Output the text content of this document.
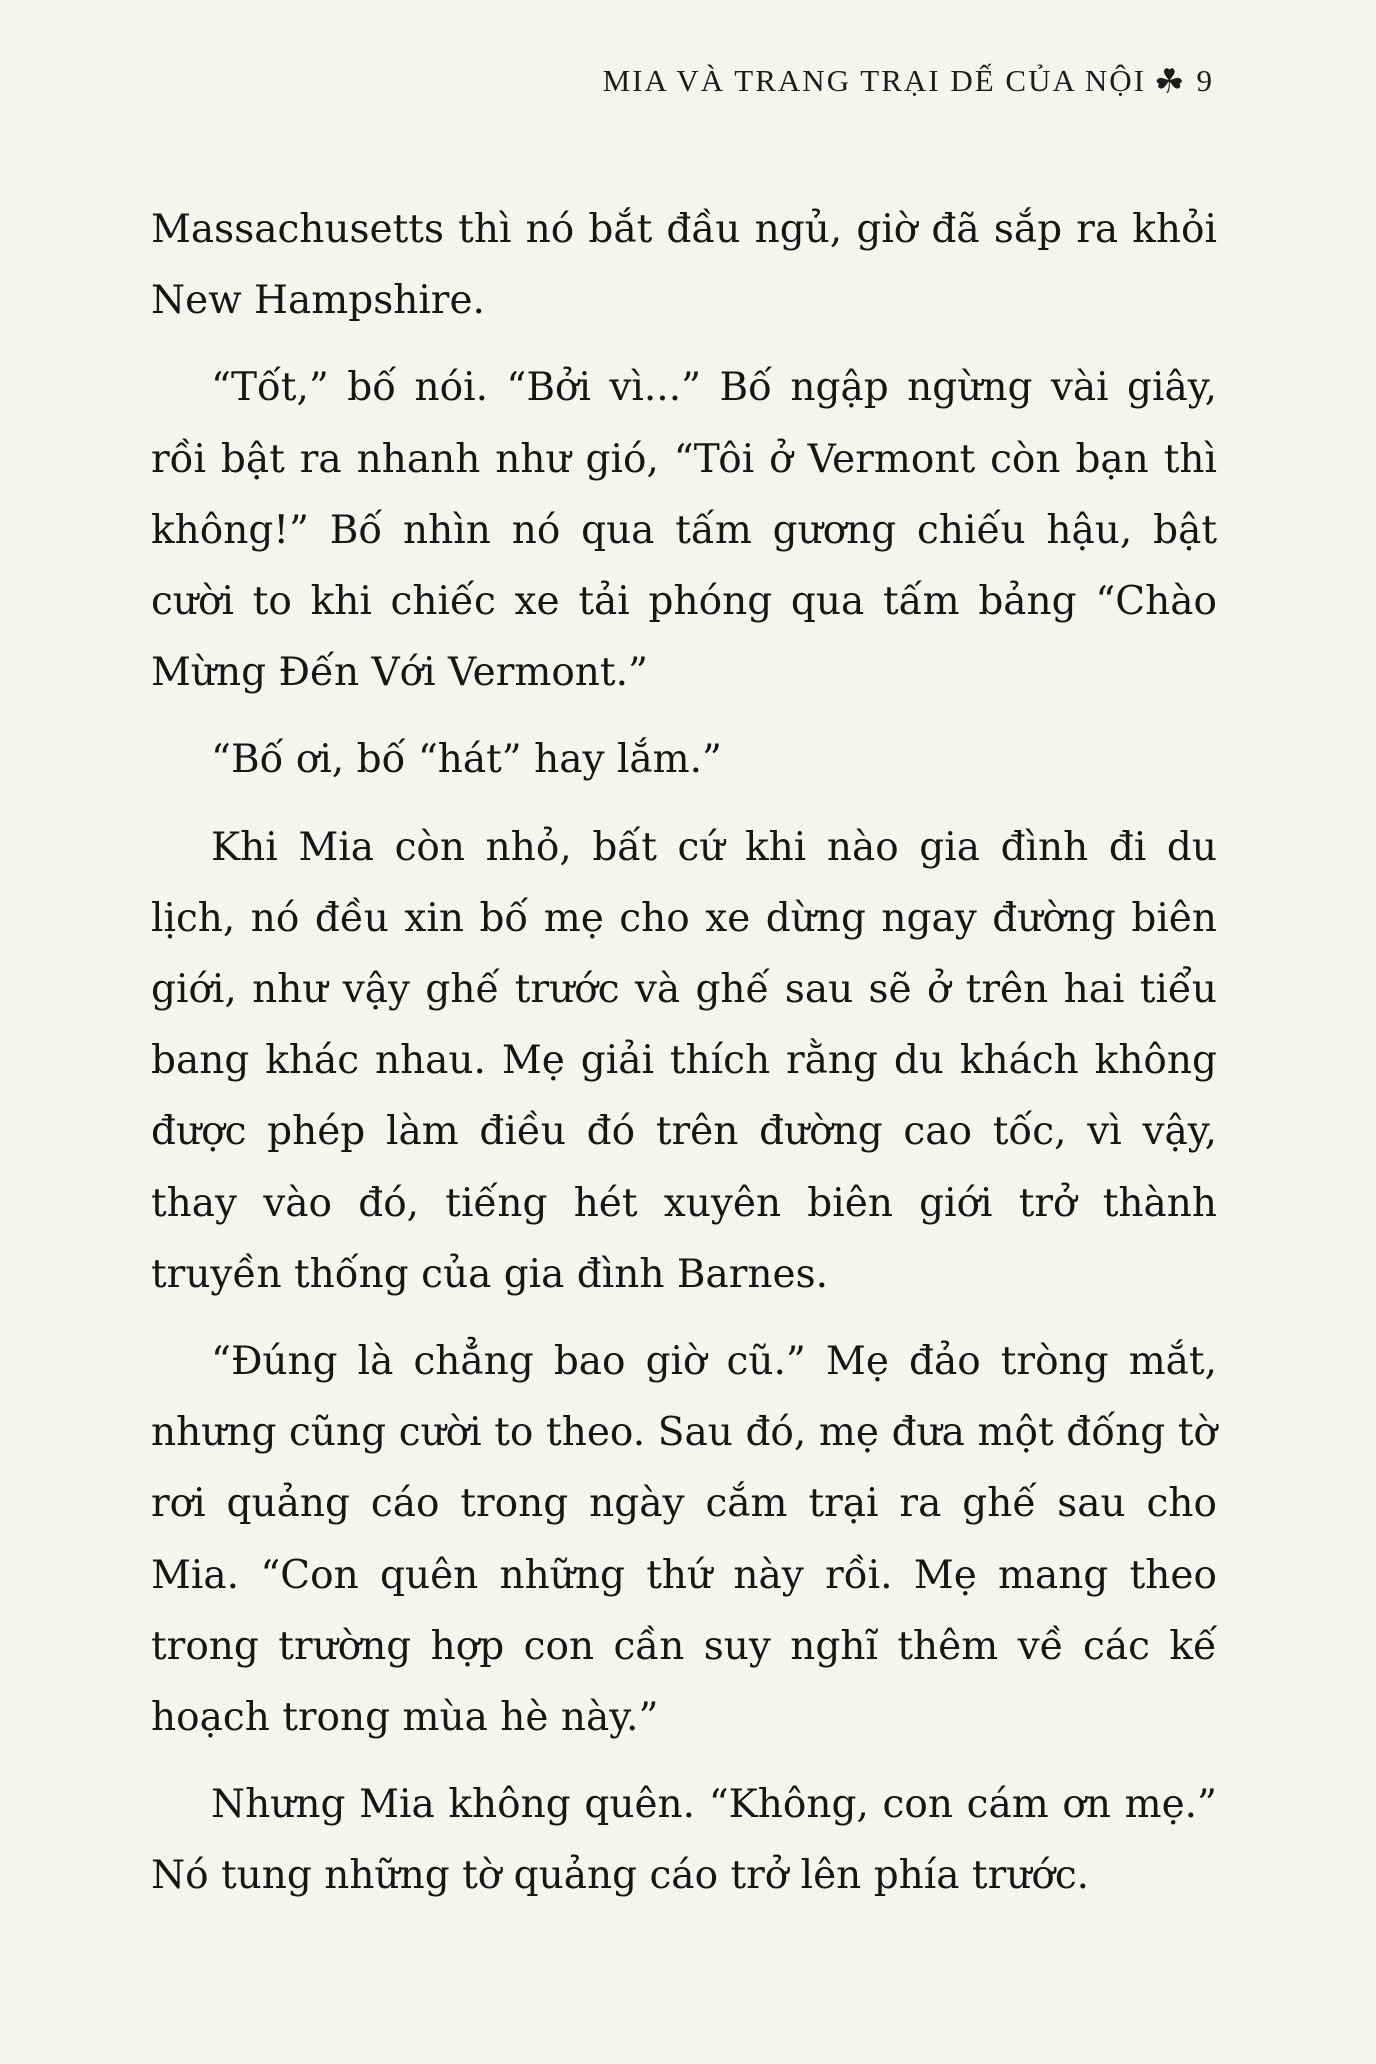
MIA VÀ TRANG TRẠI DẾ CỦA NỘI ☘ 9

Massachusetts thì nó bắt đầu ngủ, giờ đã sắp ra khỏi New Hampshire.

“Tốt,” bố nói. “Bởi vì...” Bố ngập ngừng vài giây, rồi bật ra nhanh như gió, “Tôi ở Vermont còn bạn thì không!” Bố nhìn nó qua tấm gương chiếu hậu, bật cười to khi chiếc xe tải phóng qua tấm bảng “Chào Mừng Đến Với Vermont.”

“Bố ơi, bố “hát” hay lắm.”

Khi Mia còn nhỏ, bất cứ khi nào gia đình đi du lịch, nó đều xin bố mẹ cho xe dừng ngay đường biên giới, như vậy ghế trước và ghế sau sẽ ở trên hai tiểu bang khác nhau. Mẹ giải thích rằng du khách không được phép làm điều đó trên đường cao tốc, vì vậy, thay vào đó, tiếng hét xuyên biên giới trở thành truyền thống của gia đình Barnes.

“Đúng là chẳng bao giờ cũ.” Mẹ đảo tròng mắt, nhưng cũng cười to theo. Sau đó, mẹ đưa một đống tờ rơi quảng cáo trong ngày cắm trại ra ghế sau cho Mia. “Con quên những thứ này rồi. Mẹ mang theo trong trường hợp con cần suy nghĩ thêm về các kế hoạch trong mùa hè này.”

Nhưng Mia không quên. “Không, con cám ơn mẹ.” Nó tung những tờ quảng cáo trở lên phía trước.
